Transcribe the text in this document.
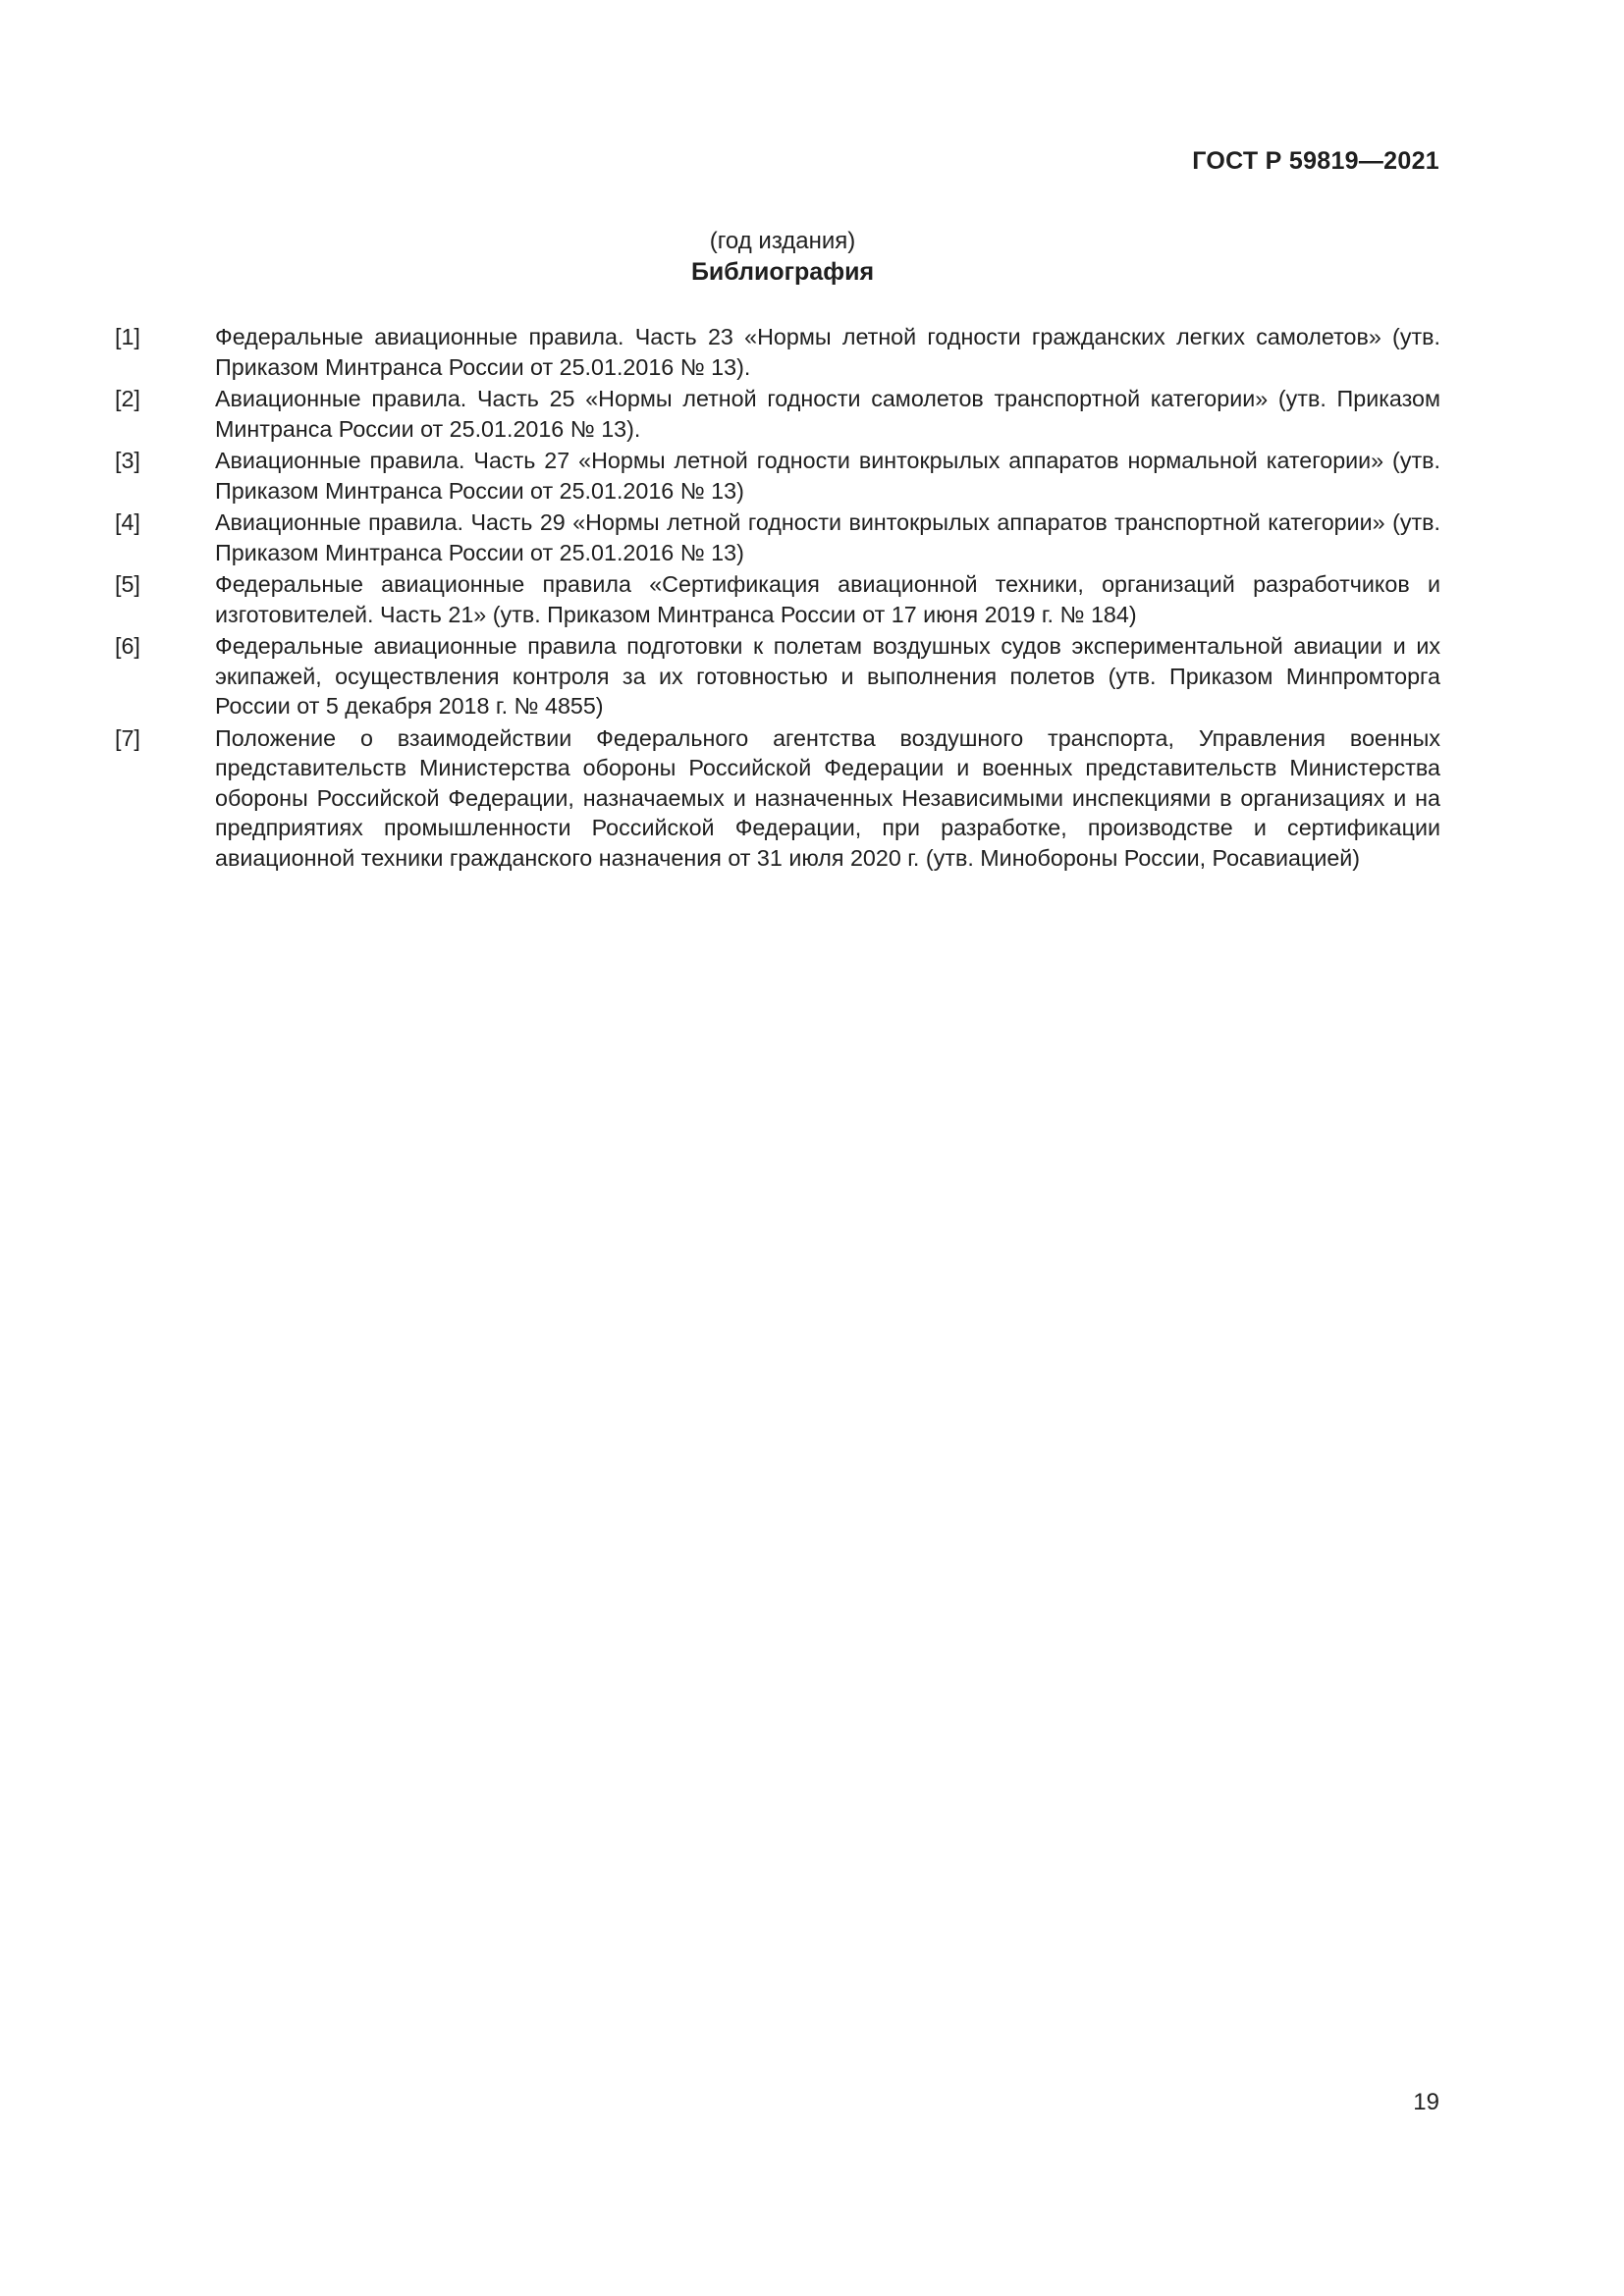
ГОСТ Р 59819—2021
(год издания)
Библиография
[1]	Федеральные авиационные правила. Часть 23 «Нормы летной годности гражданских легких самолетов» (утв. Приказом Минтранса России от 25.01.2016 № 13).
[2]	Авиационные правила. Часть 25 «Нормы летной годности самолетов транспортной категории» (утв. Приказом Минтранса России от 25.01.2016 № 13).
[3]	Авиационные правила. Часть 27 «Нормы летной годности винтокрылых аппаратов нормальной категории» (утв. Приказом Минтранса России от 25.01.2016 № 13)
[4]	Авиационные правила. Часть 29 «Нормы летной годности винтокрылых аппаратов транспортной категории» (утв. Приказом Минтранса России от 25.01.2016 № 13)
[5]	Федеральные авиационные правила «Сертификация авиационной техники, организаций разработчиков и изготовителей. Часть 21» (утв. Приказом Минтранса России от 17 июня 2019 г. № 184)
[6]	Федеральные авиационные правила подготовки к полетам воздушных судов экспериментальной авиации и их экипажей, осуществления контроля за их готовностью и выполнения полетов (утв. Приказом Минпромторга России от 5 декабря 2018 г. № 4855)
[7]	Положение о взаимодействии Федерального агентства воздушного транспорта, Управления военных представительств Министерства обороны Российской Федерации и военных представительств Министерства обороны Российской Федерации, назначаемых и назначенных Независимыми инспекциями в организациях и на предприятиях промышленности Российской Федерации, при разработке, производстве и сертификации авиационной техники гражданского назначения от 31 июля 2020 г. (утв. Минобороны России, Росавиацией)
19
